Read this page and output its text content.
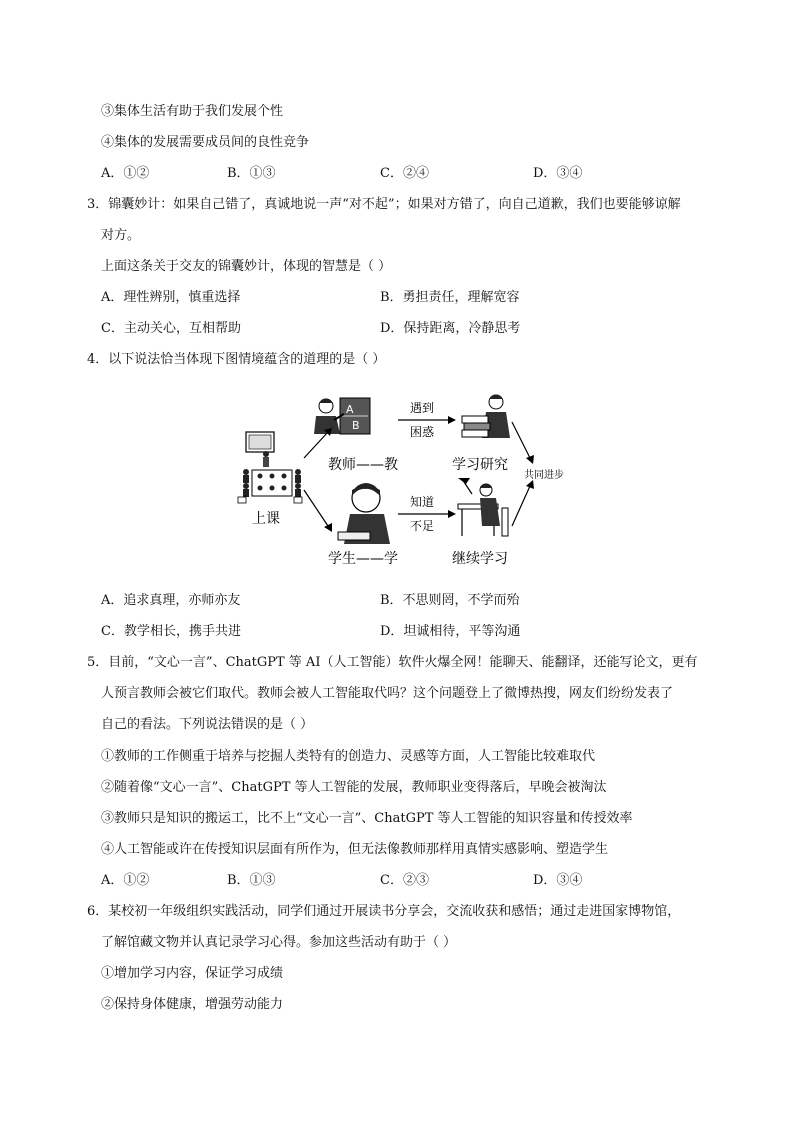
③集体生活有助于我们发展个性
④集体的发展需要成员间的良性竞争
A．①②	B．①③	C．②④	D．③④
3．锦囊妙计：如果自己错了，真诚地说一声“对不起”；如果对方错了，向自己道歉，我们也要能够谅解
对方。
上面这条关于交友的锦囊妙计，体现的智慧是（ ）
A．理性辨别，慎重选择	B．勇担责任，理解宽容
C．主动关心，互相帮助	D．保持距离，冷静思考
4．以下说法恰当体现下图情境蕴含的道理的是（ ）
上课
A
B
教师——教
遇到
困惑
学习研究
学生——学
知道
不足
继续学习
共同进步
A．追求真理，亦师亦友	B．不思则罔，不学而殆
C．教学相长，携手共进	D．坦诚相待，平等沟通
5．目前，“文心一言”、ChatGPT 等 AI（人工智能）软件火爆全网！能聊天、能翻译，还能写论文，更有
人预言教师会被它们取代。教师会被人工智能取代吗？这个问题登上了微博热搜，网友们纷纷发表了
自己的看法。下列说法错误的是（ ）
①教师的工作侧重于培养与挖掘人类特有的创造力、灵感等方面，人工智能比较难取代
②随着像“文心一言”、ChatGPT 等人工智能的发展，教师职业变得落后，早晚会被淘汰
③教师只是知识的搬运工，比不上“文心一言”、ChatGPT 等人工智能的知识容量和传授效率
④人工智能或许在传授知识层面有所作为，但无法像教师那样用真情实感影响、塑造学生
A．①②	B．①③	C．②③	D．③④
6．某校初一年级组织实践活动，同学们通过开展读书分享会，交流收获和感悟；通过走进国家博物馆，
了解馆藏文物并认真记录学习心得。参加这些活动有助于（ ）
①增加学习内容，保证学习成绩
②保持身体健康，增强劳动能力
